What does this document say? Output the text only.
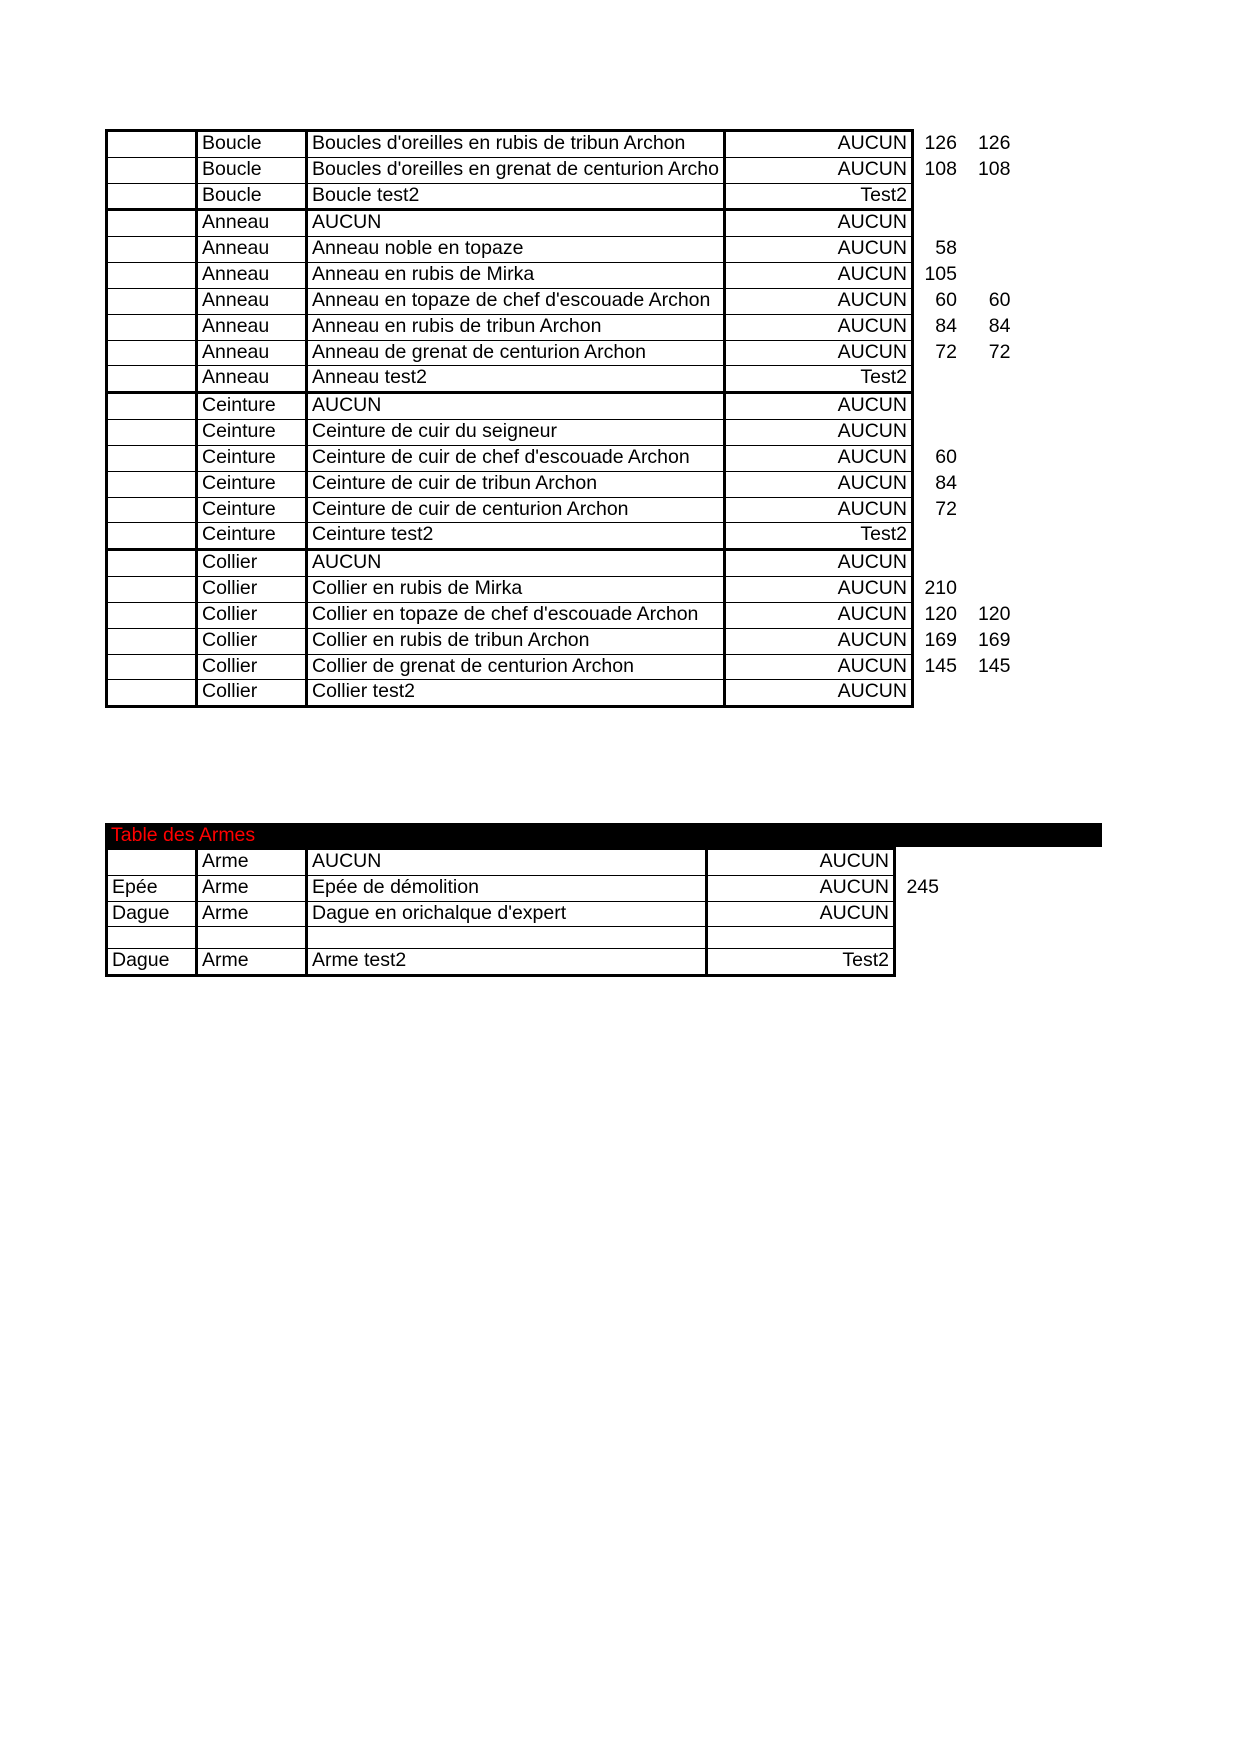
	Boucle	Boucles d'oreilles en rubis de tribun Archon	AUCUN	126	126
	Boucle	Boucles d'oreilles en grenat de centurion Archo	AUCUN	108	108
	Boucle	Boucle test2	Test2		
	Anneau	AUCUN	AUCUN		
	Anneau	Anneau noble en topaze	AUCUN	58	
	Anneau	Anneau en rubis de Mirka	AUCUN	105	
	Anneau	Anneau en topaze de chef d'escouade Archon	AUCUN	60	60
	Anneau	Anneau en rubis de tribun Archon	AUCUN	84	84
	Anneau	Anneau de grenat de centurion Archon	AUCUN	72	72
	Anneau	Anneau test2	Test2		
	Ceinture	AUCUN	AUCUN		
	Ceinture	Ceinture de cuir du seigneur	AUCUN		
	Ceinture	Ceinture de cuir de chef d'escouade Archon	AUCUN	60	
	Ceinture	Ceinture de cuir de tribun Archon	AUCUN	84	
	Ceinture	Ceinture de cuir de centurion Archon	AUCUN	72	
	Ceinture	Ceinture test2	Test2		
	Collier	AUCUN	AUCUN		
	Collier	Collier en rubis de Mirka	AUCUN	210	
	Collier	Collier en topaze de chef d'escouade Archon	AUCUN	120	120
	Collier	Collier en rubis de tribun Archon	AUCUN	169	169
	Collier	Collier de grenat de centurion Archon	AUCUN	145	145
	Collier	Collier test2	AUCUN		
Table des Armes
	Arme	AUCUN	AUCUN		
Epée	Arme	Epée de démolition	AUCUN	245	
Dague	Arme	Dague en orichalque d'expert	AUCUN		

Dague	Arme	Arme test2	Test2		
